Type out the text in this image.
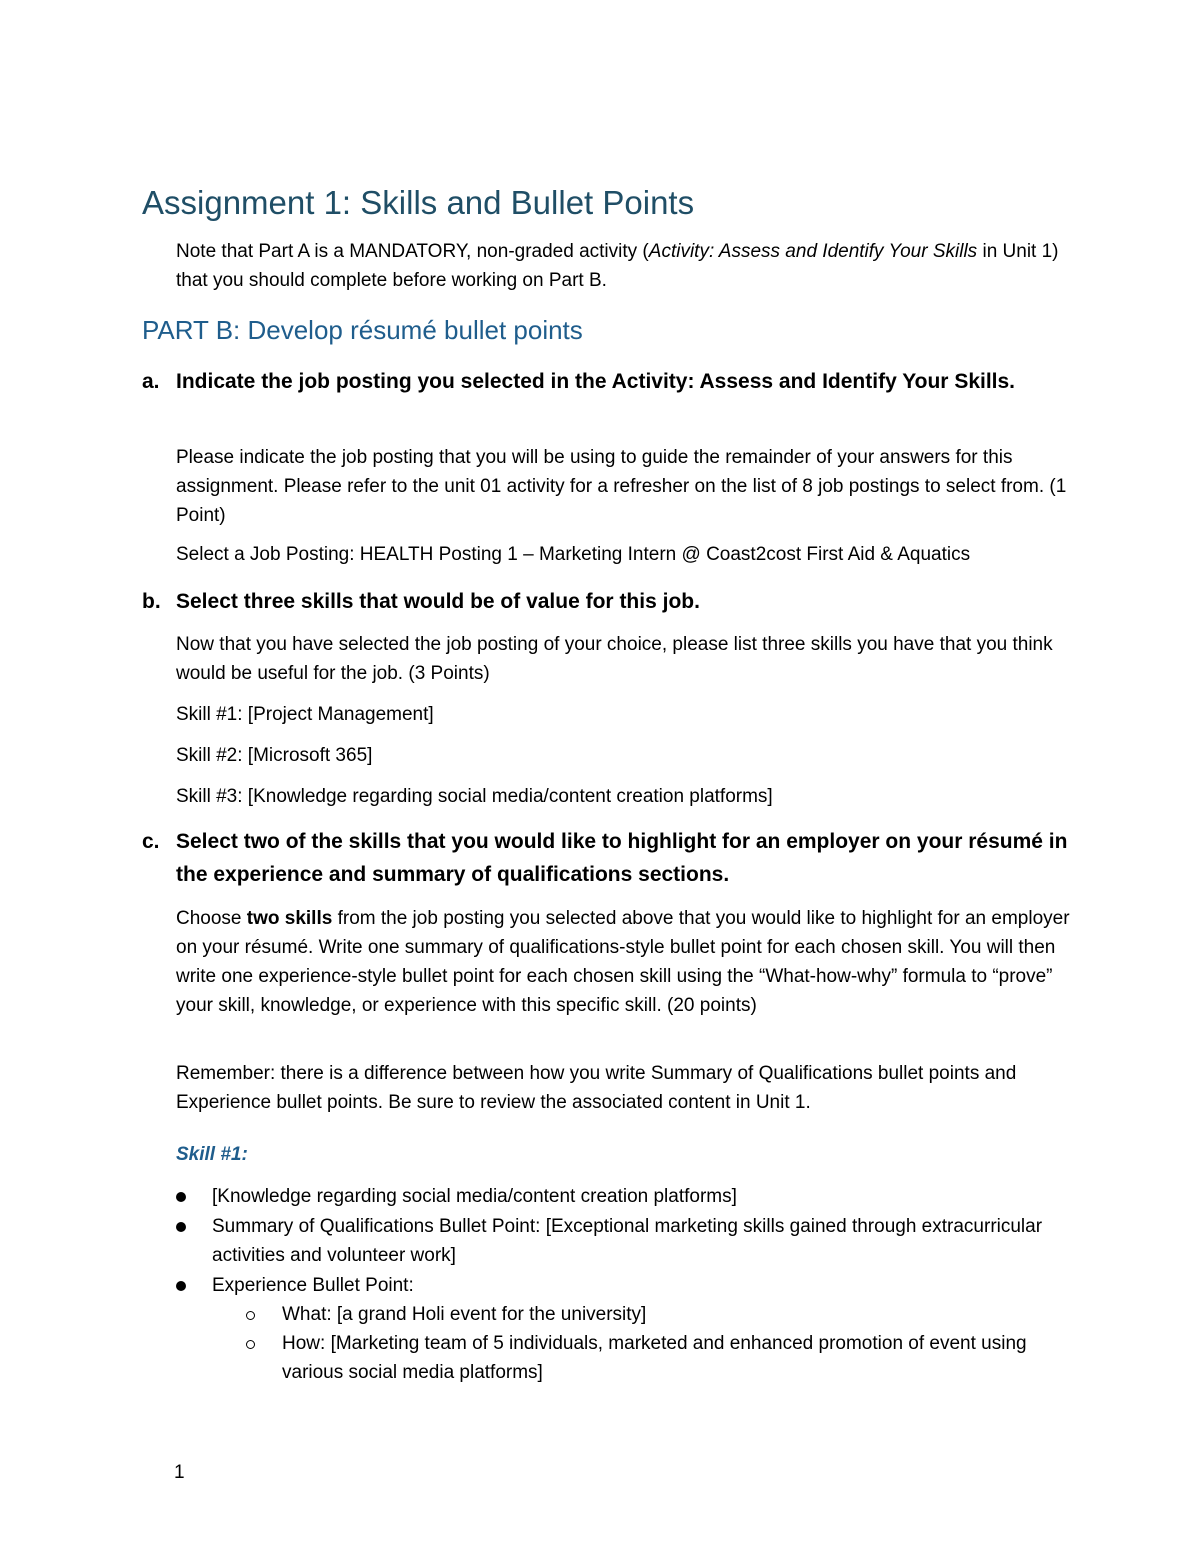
Assignment 1: Skills and Bullet Points

Note that Part A is a MANDATORY, non-graded activity (Activity: Assess and Identify Your Skills in Unit 1) that you should complete before working on Part B.

PART B: Develop résumé bullet points
a. Indicate the job posting you selected in the Activity: Assess and Identify Your Skills.

Please indicate the job posting that you will be using to guide the remainder of your answers for this assignment. Please refer to the unit 01 activity for a refresher on the list of 8 job postings to select from. (1 Point)

Select a Job Posting: HEALTH Posting 1 – Marketing Intern @ Coast2cost First Aid & Aquatics

b. Select three skills that would be of value for this job.

Now that you have selected the job posting of your choice, please list three skills you have that you think would be useful for the job. (3 Points)

Skill #1: [Project Management]

Skill #2: [Microsoft 365]

Skill #3: [Knowledge regarding social media/content creation platforms]

c. Select two of the skills that you would like to highlight for an employer on your résumé in the experience and summary of qualifications sections.

Choose two skills from the job posting you selected above that you would like to highlight for an employer on your résumé. Write one summary of qualifications-style bullet point for each chosen skill. You will then write one experience-style bullet point for each chosen skill using the “What-how-why” formula to “prove” your skill, knowledge, or experience with this specific skill. (20 points)

Remember: there is a difference between how you write Summary of Qualifications bullet points and Experience bullet points. Be sure to review the associated content in Unit 1.

Skill #1:

[Knowledge regarding social media/content creation platforms]

Summary of Qualifications Bullet Point: [Exceptional marketing skills gained through extracurricular activities and volunteer work]

Experience Bullet Point:

What: [a grand Holi event for the university]

How: [Marketing team of 5 individuals, marketed and enhanced promotion of event using various social media platforms]

1
